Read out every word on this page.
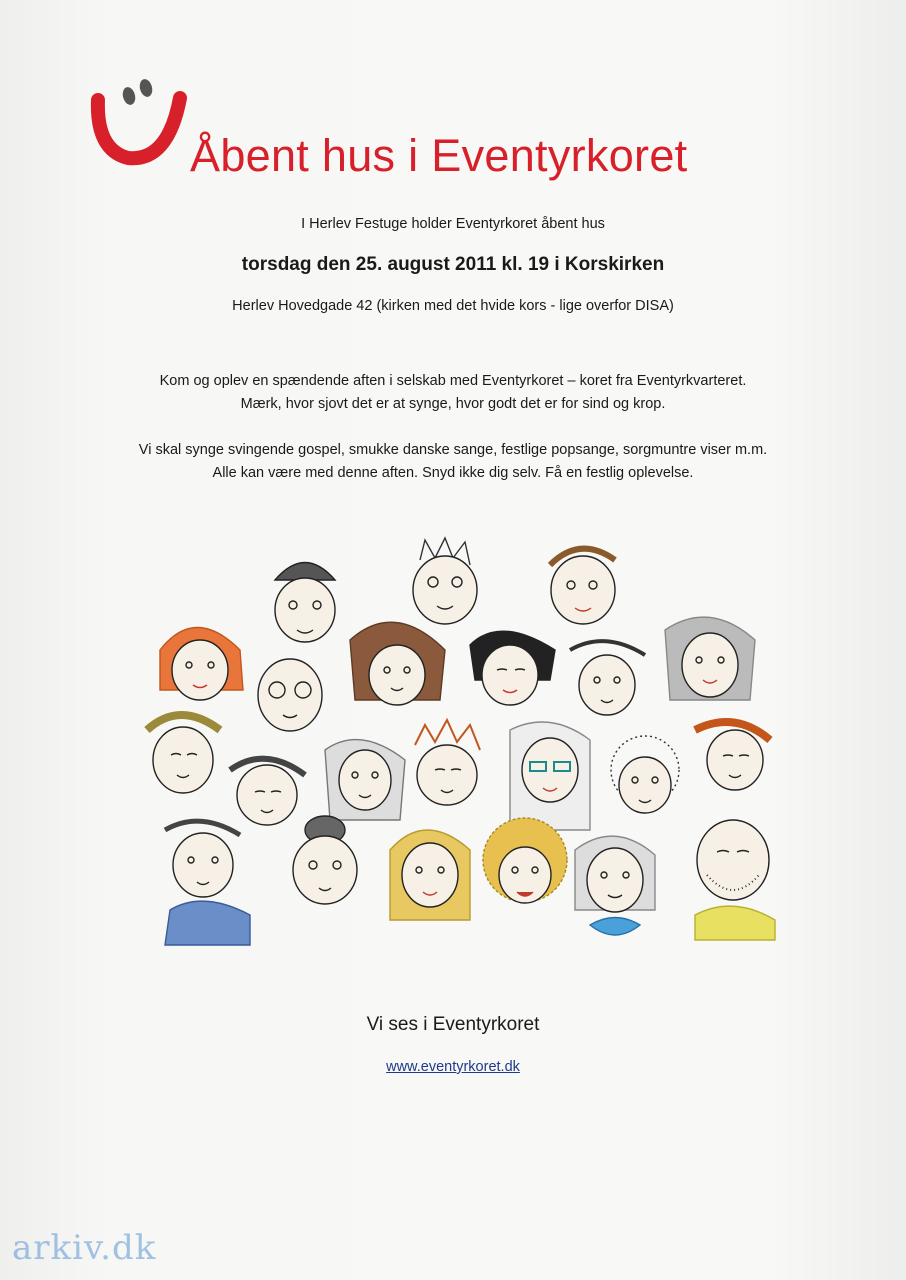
Åbent hus i Eventyrkoret
I Herlev Festuge holder Eventyrkoret åbent hus
torsdag den 25. august 2011 kl. 19 i Korskirken
Herlev Hovedgade 42 (kirken med det hvide kors - lige overfor DISA)
Kom og oplev en spændende aften i selskab med Eventyrkoret – koret fra Eventyrkvarteret.
Mærk, hvor sjovt det er at synge, hvor godt det er for sind og krop.
Vi skal synge svingende gospel, smukke danske sange, festlige popsange, sorgmuntre viser m.m.
Alle kan være med denne aften. Snyd ikke dig selv. Få en festlig oplevelse.
Vi ses i Eventyrkoret
www.eventyrkoret.dk
arkiv.dk
